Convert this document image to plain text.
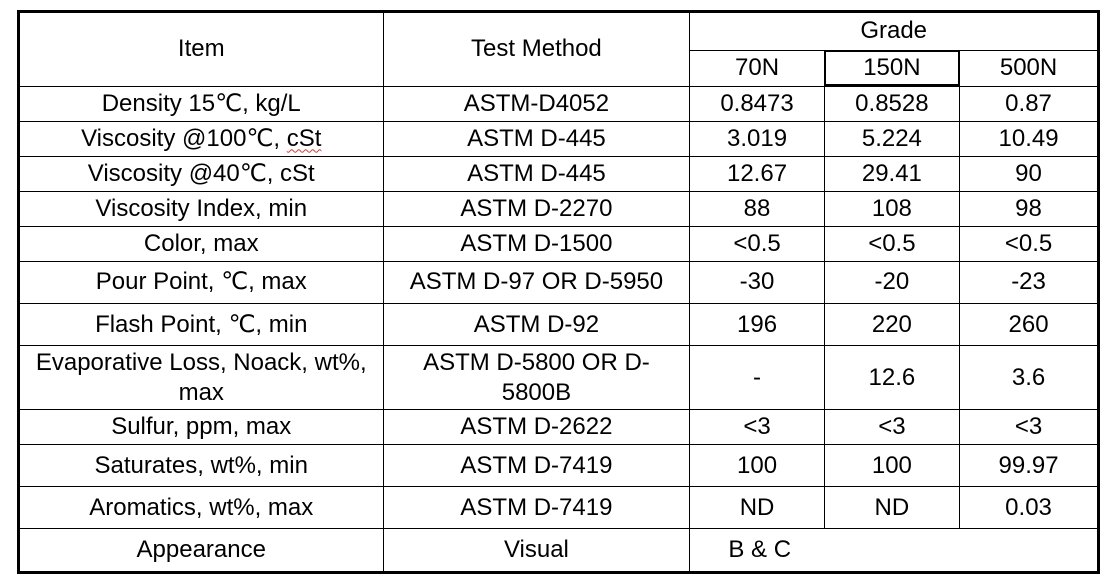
Item	Test Method	Grade		
		70N	150N	500N
Density 15℃, kg/L	ASTM-D4052	0.8473	0.8528	0.87
Viscosity @100℃, cSt	ASTM D-445	3.019	5.224	10.49
Viscosity @40℃, cSt	ASTM D-445	12.67	29.41	90
Viscosity Index, min	ASTM D-2270	88	108	98
Color, max	ASTM D-1500	<0.5	<0.5	<0.5
Pour Point, ℃, max	ASTM D-97 OR D-5950	-30	-20	-23
Flash Point, ℃, min	ASTM D-92	196	220	260
Evaporative Loss, Noack, wt%, max	ASTM D-5800 OR D-5800B	-	12.6	3.6
Sulfur, ppm, max	ASTM D-2622	<3	<3	<3
Saturates, wt%, min	ASTM D-7419	100	100	99.97
Aromatics, wt%, max	ASTM D-7419	ND	ND	0.03
Appearance	Visual	B & C		
